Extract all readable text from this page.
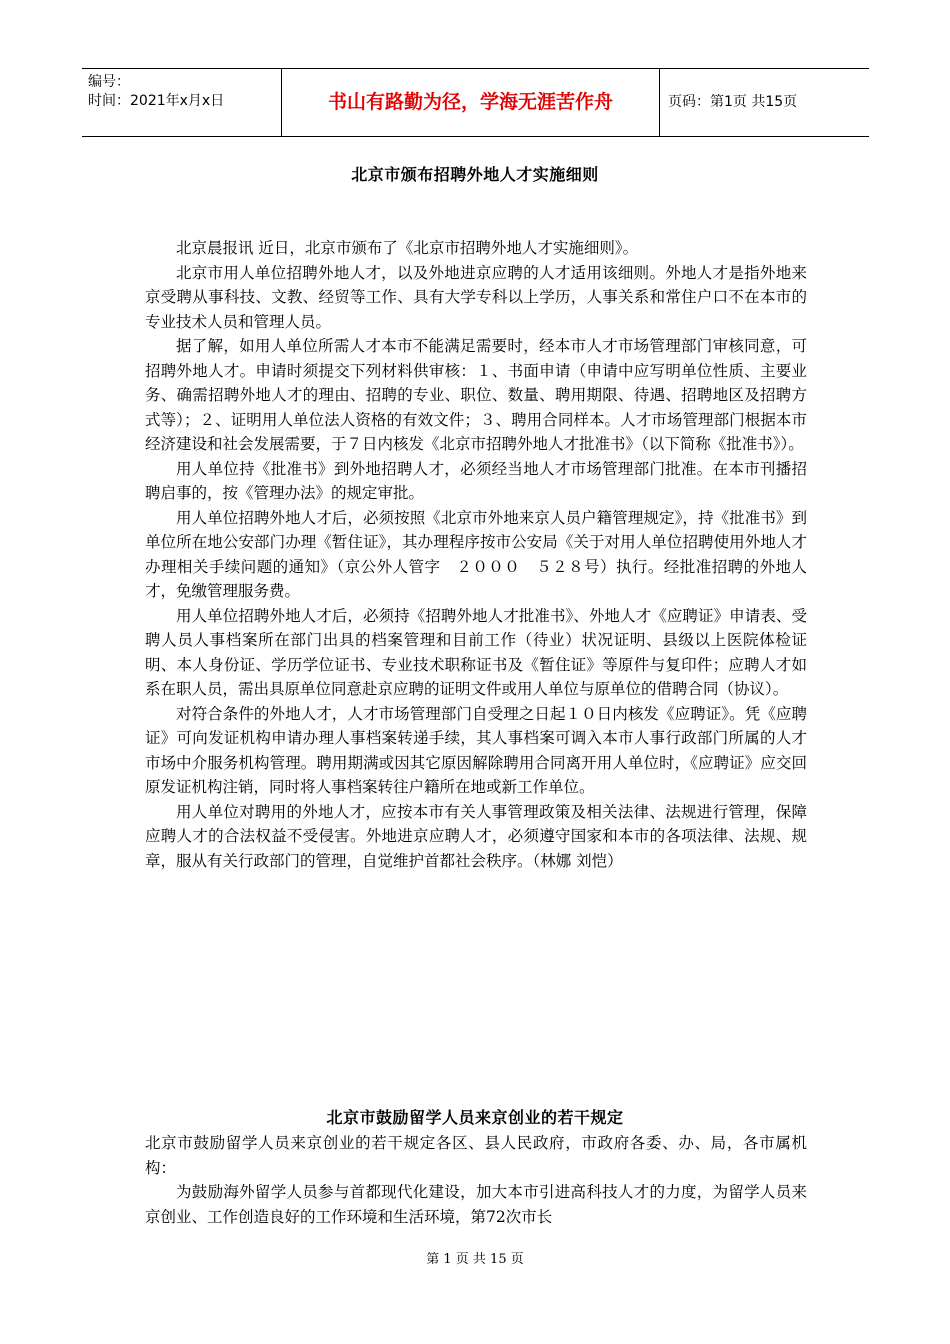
编号：
时间：2021年x月x日	书山有路勤为径，学海无涯苦作舟	页码：第1页 共15页
北京市颁布招聘外地人才实施细则

北京晨报讯 近日，北京市颁布了《北京市招聘外地人才实施细则》。

北京市用人单位招聘外地人才，以及外地进京应聘的人才适用该细则。外地人才是指外地来京受聘从事科技、文教、经贸等工作、具有大学专科以上学历，人事关系和常住户口不在本市的专业技术人员和管理人员。

据了解，如用人单位所需人才本市不能满足需要时，经本市人才市场管理部门审核同意，可招聘外地人才。申请时须提交下列材料供审核：１、书面申请（申请中应写明单位性质、主要业务、确需招聘外地人才的理由、招聘的专业、职位、数量、聘用期限、待遇、招聘地区及招聘方式等）；２、证明用人单位法人资格的有效文件；３、聘用合同样本。人才市场管理部门根据本市经济建设和社会发展需要，于７日内核发《北京市招聘外地人才批准书》（以下简称《批准书》）。

用人单位持《批准书》到外地招聘人才，必须经当地人才市场管理部门批准。在本市刊播招聘启事的，按《管理办法》的规定审批。

用人单位招聘外地人才后，必须按照《北京市外地来京人员户籍管理规定》，持《批准书》到单位所在地公安部门办理《暂住证》，其办理程序按市公安局《关于对用人单位招聘使用外地人才办理相关手续问题的通知》（京公外人管字　２０００　５２８号）执行。经批准招聘的外地人才，免缴管理服务费。

用人单位招聘外地人才后，必须持《招聘外地人才批准书》、外地人才《应聘证》申请表、受聘人员人事档案所在部门出具的档案管理和目前工作（待业）状况证明、县级以上医院体检证明、本人身份证、学历学位证书、专业技术职称证书及《暂住证》等原件与复印件；应聘人才如系在职人员，需出具原单位同意赴京应聘的证明文件或用人单位与原单位的借聘合同（协议）。

对符合条件的外地人才，人才市场管理部门自受理之日起１０日内核发《应聘证》。凭《应聘证》可向发证机构申请办理人事档案转递手续，其人事档案可调入本市人事行政部门所属的人才市场中介服务机构管理。聘用期满或因其它原因解除聘用合同离开用人单位时，《应聘证》应交回原发证机构注销，同时将人事档案转往户籍所在地或新工作单位。

用人单位对聘用的外地人才，应按本市有关人事管理政策及相关法律、法规进行管理，保障应聘人才的合法权益不受侵害。外地进京应聘人才，必须遵守国家和本市的各项法律、法规、规章，服从有关行政部门的管理，自觉维护首都社会秩序。（林娜 刘恺）

北京市鼓励留学人员来京创业的若干规定

北京市鼓励留学人员来京创业的若干规定各区、县人民政府，市政府各委、办、局，各市属机构：

为鼓励海外留学人员参与首都现代化建设，加大本市引进高科技人才的力度，为留学人员来京创业、工作创造良好的工作环境和生活环境，第72次市长

第 1 页 共 15 页
